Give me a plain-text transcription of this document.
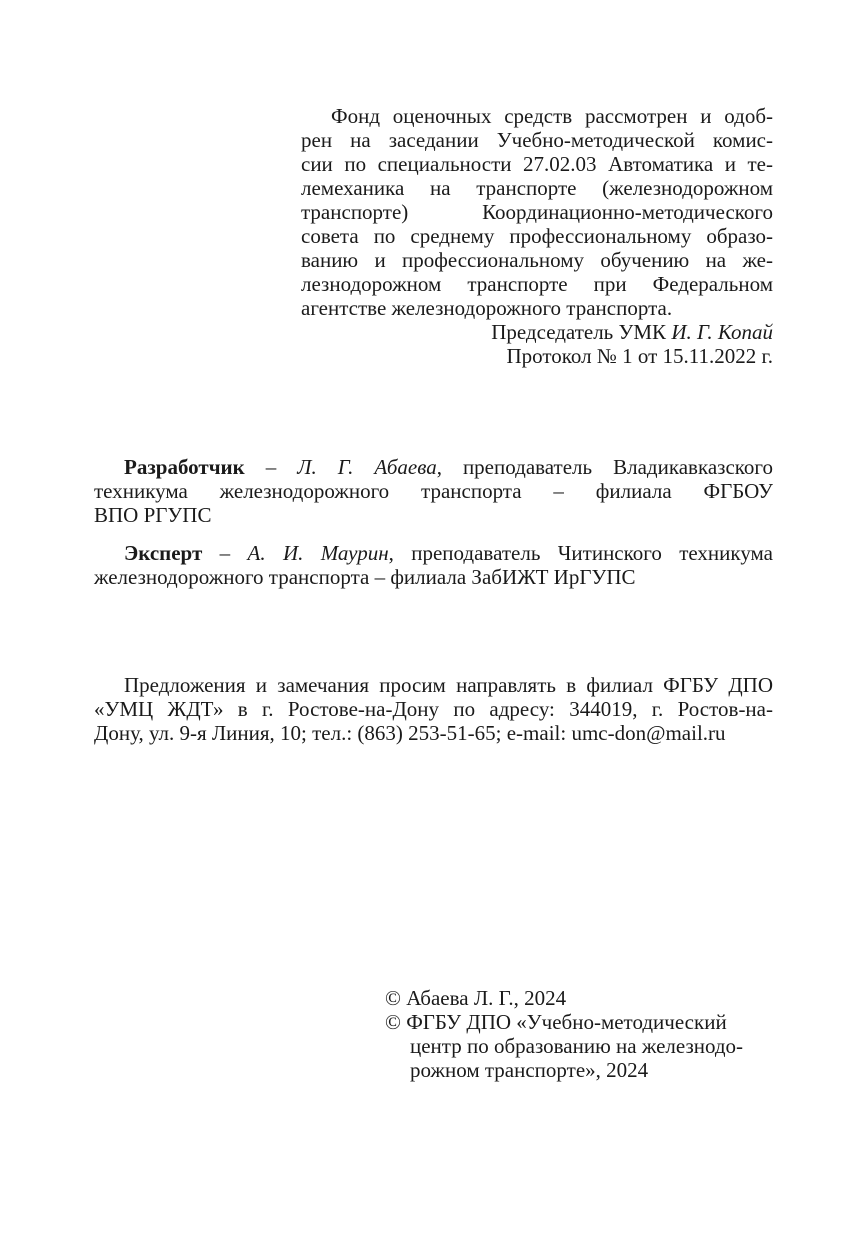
Фонд оценочных средств рассмотрен и одоб-
рен на заседании Учебно-методической комис-
сии по специальности 27.02.03 Автоматика и те-
лемеханика на транспорте (железнодорожном
транспорте) Координационно-методического
совета по среднему профессиональному образо-
ванию и профессиональному обучению на же-
лезнодорожном транспорте при Федеральном
агентстве железнодорожного транспорта.
Председатель УМК И. Г. Копай
Протокол № 1 от 15.11.2022 г.
Разработчик – Л. Г. Абаева, преподаватель Владикавказского
техникума железнодорожного транспорта – филиала ФГБОУ
ВПО РГУПС
Эксперт – А. И. Маурин, преподаватель Читинского техникума
железнодорожного транспорта – филиала ЗабИЖТ ИрГУПС
Предложения и замечания просим направлять в филиал ФГБУ ДПО
«УМЦ ЖДТ» в г. Ростове-на-Дону по адресу: 344019, г. Ростов-на-
Дону, ул. 9-я Линия, 10; тел.: (863) 253-51-65; e-mail: umc-don@mail.ru
© Абаева Л. Г., 2024
© ФГБУ ДПО «Учебно-методический
центр по образованию на железнодо-
рожном транспорте», 2024
